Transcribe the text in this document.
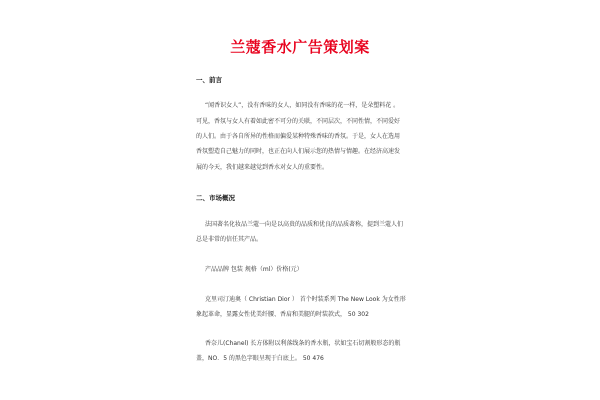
兰蔻香水广告策划案
一、前言
“闻香识女人”，没有香味的女人，如同没有香味的花一样，是朵塑料花 。
可见，香氛与女人有着如此密不可分的关联，不同层次，不同性情，不同爱好
的人们。由于各自所异的性格而偏爱某种特殊香味的香氛。于是，女人在选用
香氛塑造自己魅力的同时，也正在向人们展示您的热情与情趣。在经济高速发
展的今天，我们越来越觉到香水对女人的重要性。
二、市场概况
法国著名化妆品兰蔻一向是以高贵的品质和优良的品质著称，提到兰蔻人们
总是非常的信任其产品。
产品品牌 包装 规格（ml）价格(元）
克里司汀迪奥（ Christian Dior ） 首个时装系列 The New Look 为女性形
象起革命，显露女性优美纤腰、香肩和美腿的时装款式， 50 302
香奈儿(Chanel) 长方体附以利落线条的香水瓶，状如宝石切割般形态的瓶
盖，NO．5 的黑色字眼呈现于白底上。 50 476
